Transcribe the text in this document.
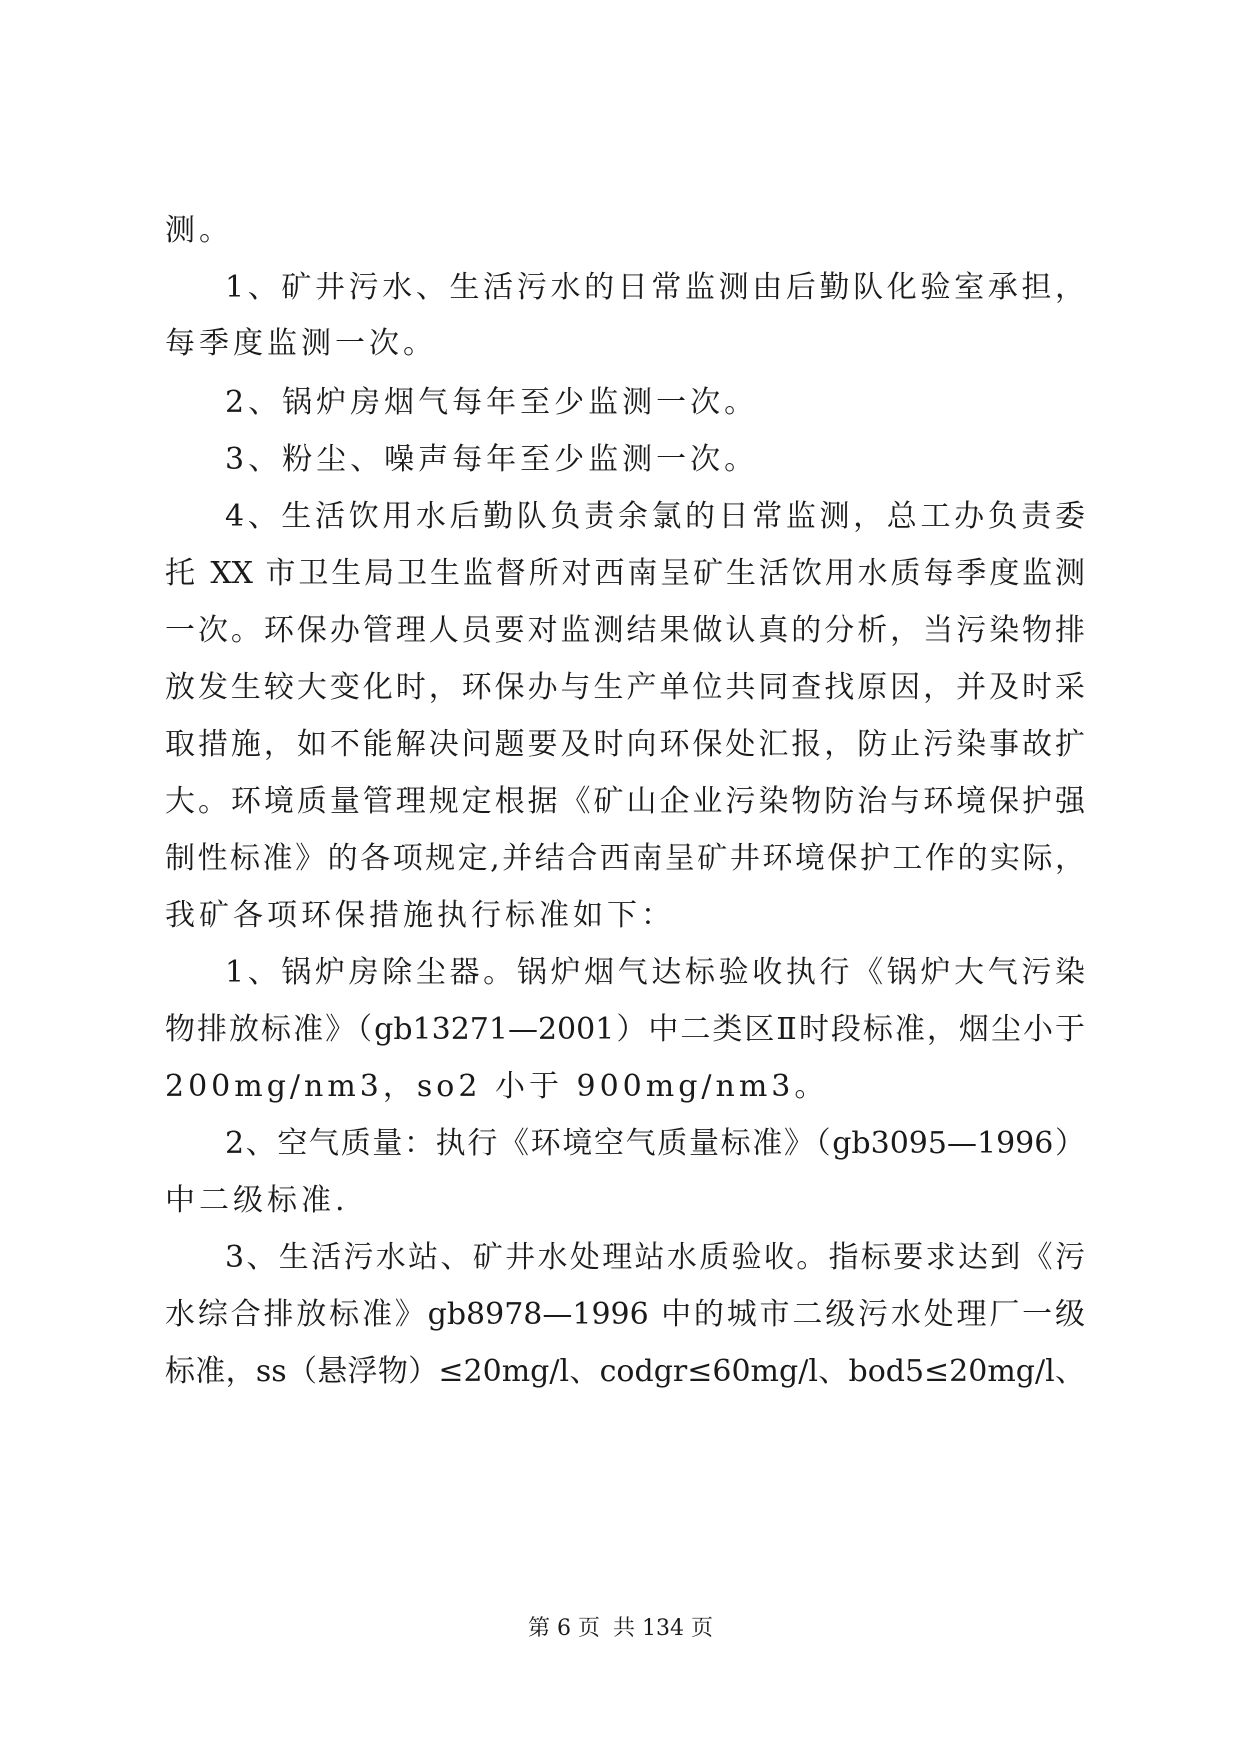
测。
1、矿井污水、生活污水的日常监测由后勤队化验室承担，
每季度监测一次。
2、锅炉房烟气每年至少监测一次。
3、粉尘、噪声每年至少监测一次。
4、生活饮用水后勤队负责余氯的日常监测，总工办负责委
托 XX 市卫生局卫生监督所对西南呈矿生活饮用水质每季度监测
一次。环保办管理人员要对监测结果做认真的分析，当污染物排
放发生较大变化时，环保办与生产单位共同查找原因，并及时采
取措施，如不能解决问题要及时向环保处汇报，防止污染事故扩
大。环境质量管理规定根据《矿山企业污染物防治与环境保护强
制性标准》的各项规定,并结合西南呈矿井环境保护工作的实际，
我矿各项环保措施执行标准如下：
1、锅炉房除尘器。锅炉烟气达标验收执行《锅炉大气污染
物排放标准》（gb13271—2001）中二类区Ⅱ时段标准，烟尘小于
200mg/nm3，so2 小于 900mg/nm3。
2、空气质量：执行《环境空气质量标准》（gb3095—1996）
中二级标准.
3、生活污水站、矿井水处理站水质验收。指标要求达到《污
水综合排放标准》gb8978—1996 中的城市二级污水处理厂一级
标准，ss（悬浮物）≤20mg/l、codgr≤60mg/l、bod5≤20mg/l、
第 6 页 共 134 页
